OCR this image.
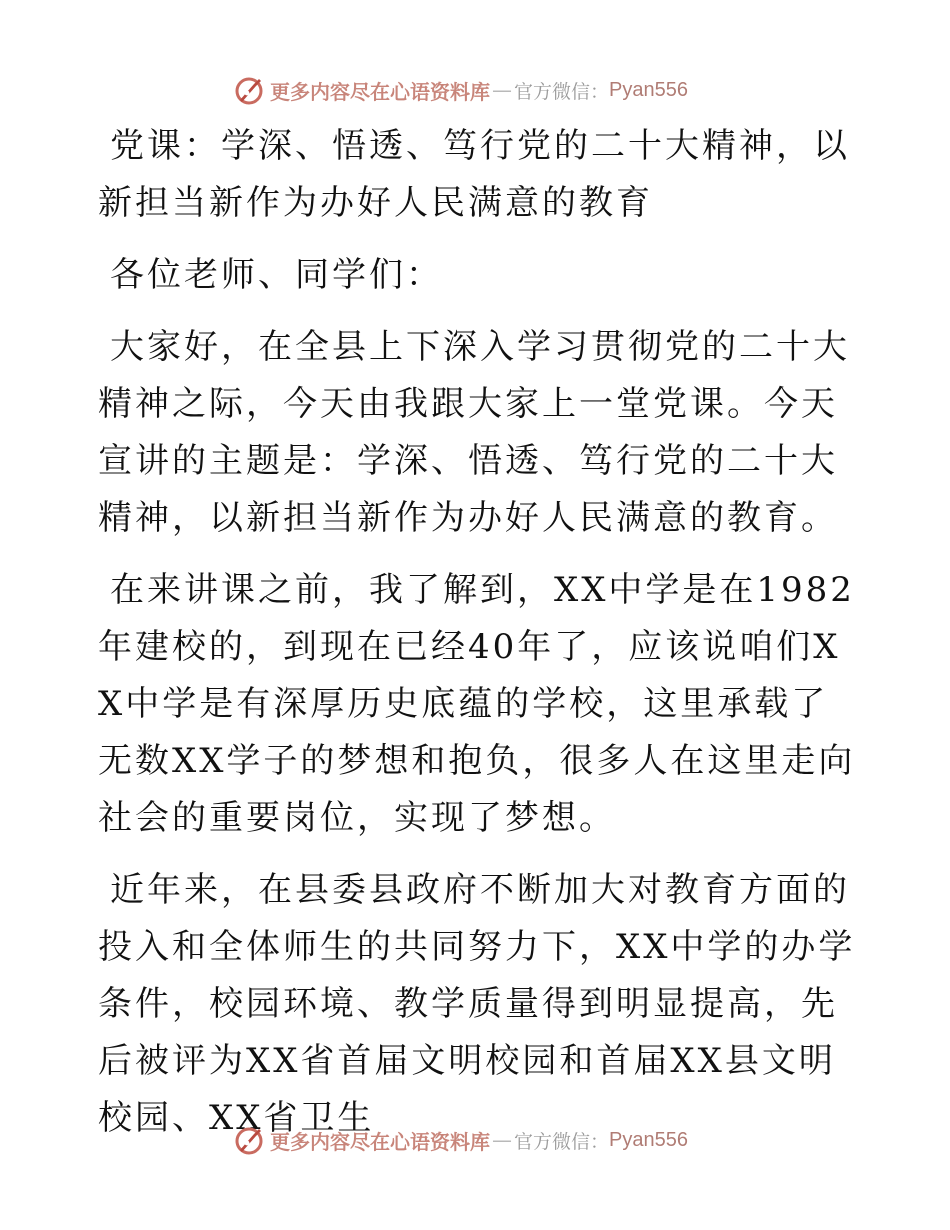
更多内容尽在心语资料库 — 官方微信： Pyan556

党课：学深、悟透、笃行党的二十大精神，以新担当新作为办好人民满意的教育

各位老师、同学们：

大家好，在全县上下深入学习贯彻党的二十大精神之际，今天由我跟大家上一堂党课。今天宣讲的主题是：学深、悟透、笃行党的二十大精神，以新担当新作为办好人民满意的教育。

在来讲课之前，我了解到，XX中学是在1982年建校的，到现在已经40年了，应该说咱们XX中学是有深厚历史底蕴的学校，这里承载了无数XX学子的梦想和抱负，很多人在这里走向社会的重要岗位，实现了梦想。

近年来，在县委县政府不断加大对教育方面的投入和全体师生的共同努力下，XX中学的办学条件，校园环境、教学质量得到明显提高，先后被评为XX省首届文明校园和首届XX县文明校园、XX省卫生

更多内容尽在心语资料库 — 官方微信： Pyan556
